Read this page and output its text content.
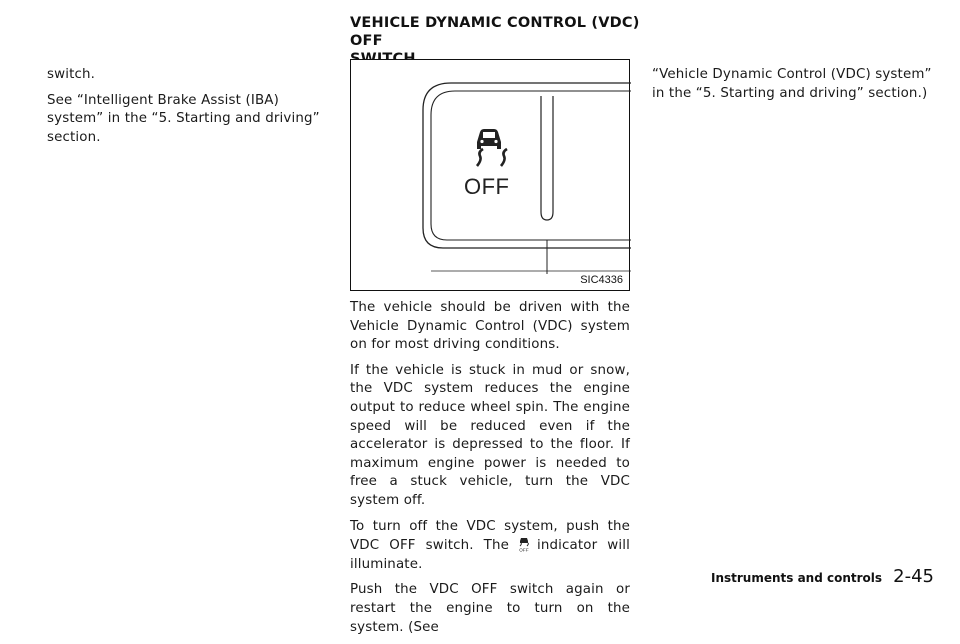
switch.

See “Intelligent Brake Assist (IBA) system” in the “5. Starting and driving” section.

VEHICLE DYNAMIC CONTROL (VDC) OFF
OFF
SIC4336

The vehicle should be driven with the Vehicle Dynamic Control (VDC) system on for most driving conditions.

If the vehicle is stuck in mud or snow, the VDC system reduces the engine output to reduce wheel spin. The engine speed will be reduced even if the accelerator is depressed to the floor. If maximum engine power is needed to free a stuck vehicle, turn the VDC system off.

To turn off the VDC system, push the VDC OFF switch. The OFF indicator will illuminate.

Push the VDC OFF switch again or restart the engine to turn on the system. (See

“Vehicle Dynamic Control (VDC) system” in the “5. Starting and driving” section.)

Instruments and controls 2-45
